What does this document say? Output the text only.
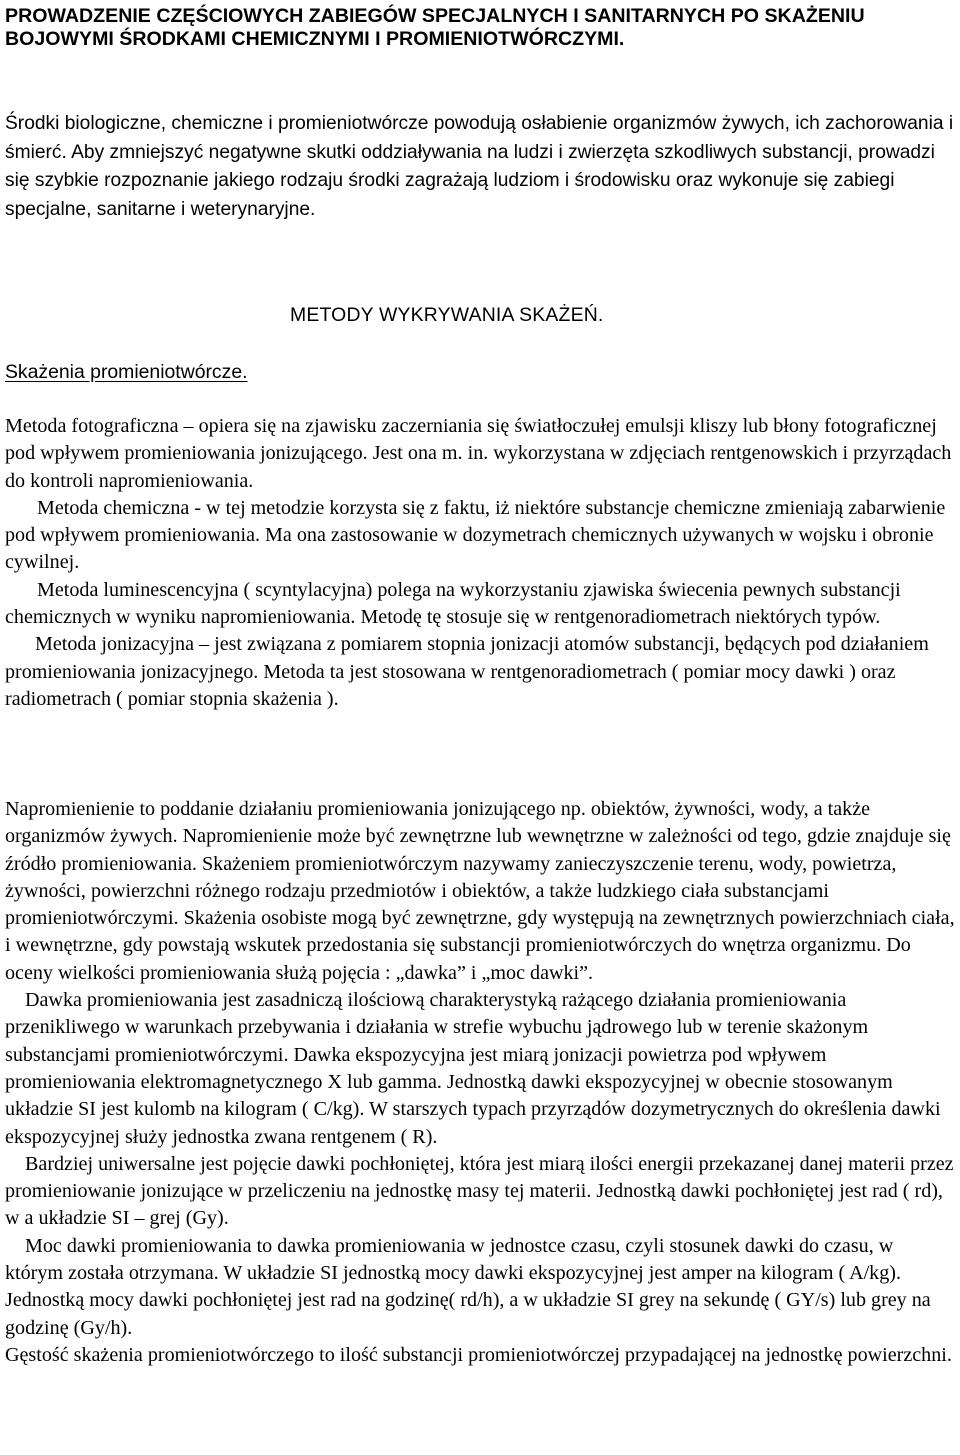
PROWADZENIE CZĘŚCIOWYCH ZABIEGÓW SPECJALNYCH I SANITARNYCH PO SKAŻENIU BOJOWYMI ŚRODKAMI CHEMICZNYMI I PROMIENIOTWÓRCZYMI.

Środki biologiczne, chemiczne i promieniotwórcze powodują osłabienie organizmów żywych, ich zachorowania i śmierć. Aby zmniejszyć negatywne skutki oddziaływania na ludzi i zwierzęta szkodliwych substancji, prowadzi się szybkie rozpoznanie jakiego rodzaju środki zagrażają ludziom i środowisku oraz wykonuje się zabiegi specjalne, sanitarne i weterynaryjne.

METODY WYKRYWANIA SKAŻEŃ.

Skażenia promieniotwórcze.

Metoda fotograficzna – opiera się na zjawisku zaczerniania się światłoczułej emulsji kliszy lub błony fotograficznej pod wpływem promieniowania jonizującego. Jest ona m. in. wykorzystana w zdjęciach rentgenowskich i przyrządach do kontroli napromieniowania.

Metoda chemiczna - w tej metodzie korzysta się z faktu, iż niektóre substancje chemiczne zmieniają zabarwienie pod wpływem promieniowania. Ma ona zastosowanie w dozymetrach chemicznych używanych w wojsku i obronie cywilnej.

Metoda luminescencyjna ( scyntylacyjna) polega na wykorzystaniu zjawiska świecenia pewnych substancji chemicznych w wyniku napromieniowania. Metodę tę stosuje się w rentgenoradiometrach niektórych typów.

Metoda jonizacyjna – jest związana z pomiarem stopnia jonizacji atomów substancji, będących pod działaniem promieniowania jonizacyjnego. Metoda ta jest stosowana w rentgenoradiometrach ( pomiar mocy dawki ) oraz radiometrach ( pomiar stopnia skażenia ).

Napromienienie to poddanie działaniu promieniowania jonizującego np. obiektów, żywności, wody, a także organizmów żywych. Napromienienie może być zewnętrzne lub wewnętrzne w zależności od tego, gdzie znajduje się źródło promieniowania. Skażeniem promieniotwórczym nazywamy zanieczyszczenie terenu, wody, powietrza, żywności, powierzchni różnego rodzaju przedmiotów i obiektów, a także ludzkiego ciała substancjami promieniotwórczymi. Skażenia osobiste mogą być zewnętrzne, gdy występują na zewnętrznych powierzchniach ciała, i wewnętrzne, gdy powstają wskutek przedostania się substancji promieniotwórczych do wnętrza organizmu. Do oceny wielkości promieniowania służą pojęcia : „dawka” i „moc dawki”.

Dawka promieniowania jest zasadniczą ilościową charakterystyką rażącego działania promieniowania przenikliwego w warunkach przebywania i działania w strefie wybuchu jądrowego lub w terenie skażonym substancjami promieniotwórczymi. Dawka ekspozycyjna jest miarą jonizacji powietrza pod wpływem promieniowania elektromagnetycznego X lub gamma. Jednostką dawki ekspozycyjnej w obecnie stosowanym układzie SI jest kulomb na kilogram ( C/kg). W starszych typach przyrządów dozymetrycznych do określenia dawki ekspozycyjnej służy jednostka zwana rentgenem ( R).

Bardziej uniwersalne jest pojęcie dawki pochłoniętej, która jest miarą ilości energii przekazanej danej materii przez promieniowanie jonizujące w przeliczeniu na jednostkę masy tej materii. Jednostką dawki pochłoniętej jest rad ( rd), w a układzie SI – grej (Gy).

Moc dawki promieniowania to dawka promieniowania w jednostce czasu, czyli stosunek dawki do czasu, w którym została otrzymana. W układzie SI jednostką mocy dawki ekspozycyjnej jest amper na kilogram ( A/kg). Jednostką mocy dawki pochłoniętej jest rad na godzinę( rd/h), a w układzie SI grey na sekundę ( GY/s) lub grey na godzinę (Gy/h).

Gęstość skażenia promieniotwórczego to ilość substancji promieniotwórczej przypadającej na jednostkę powierzchni.
